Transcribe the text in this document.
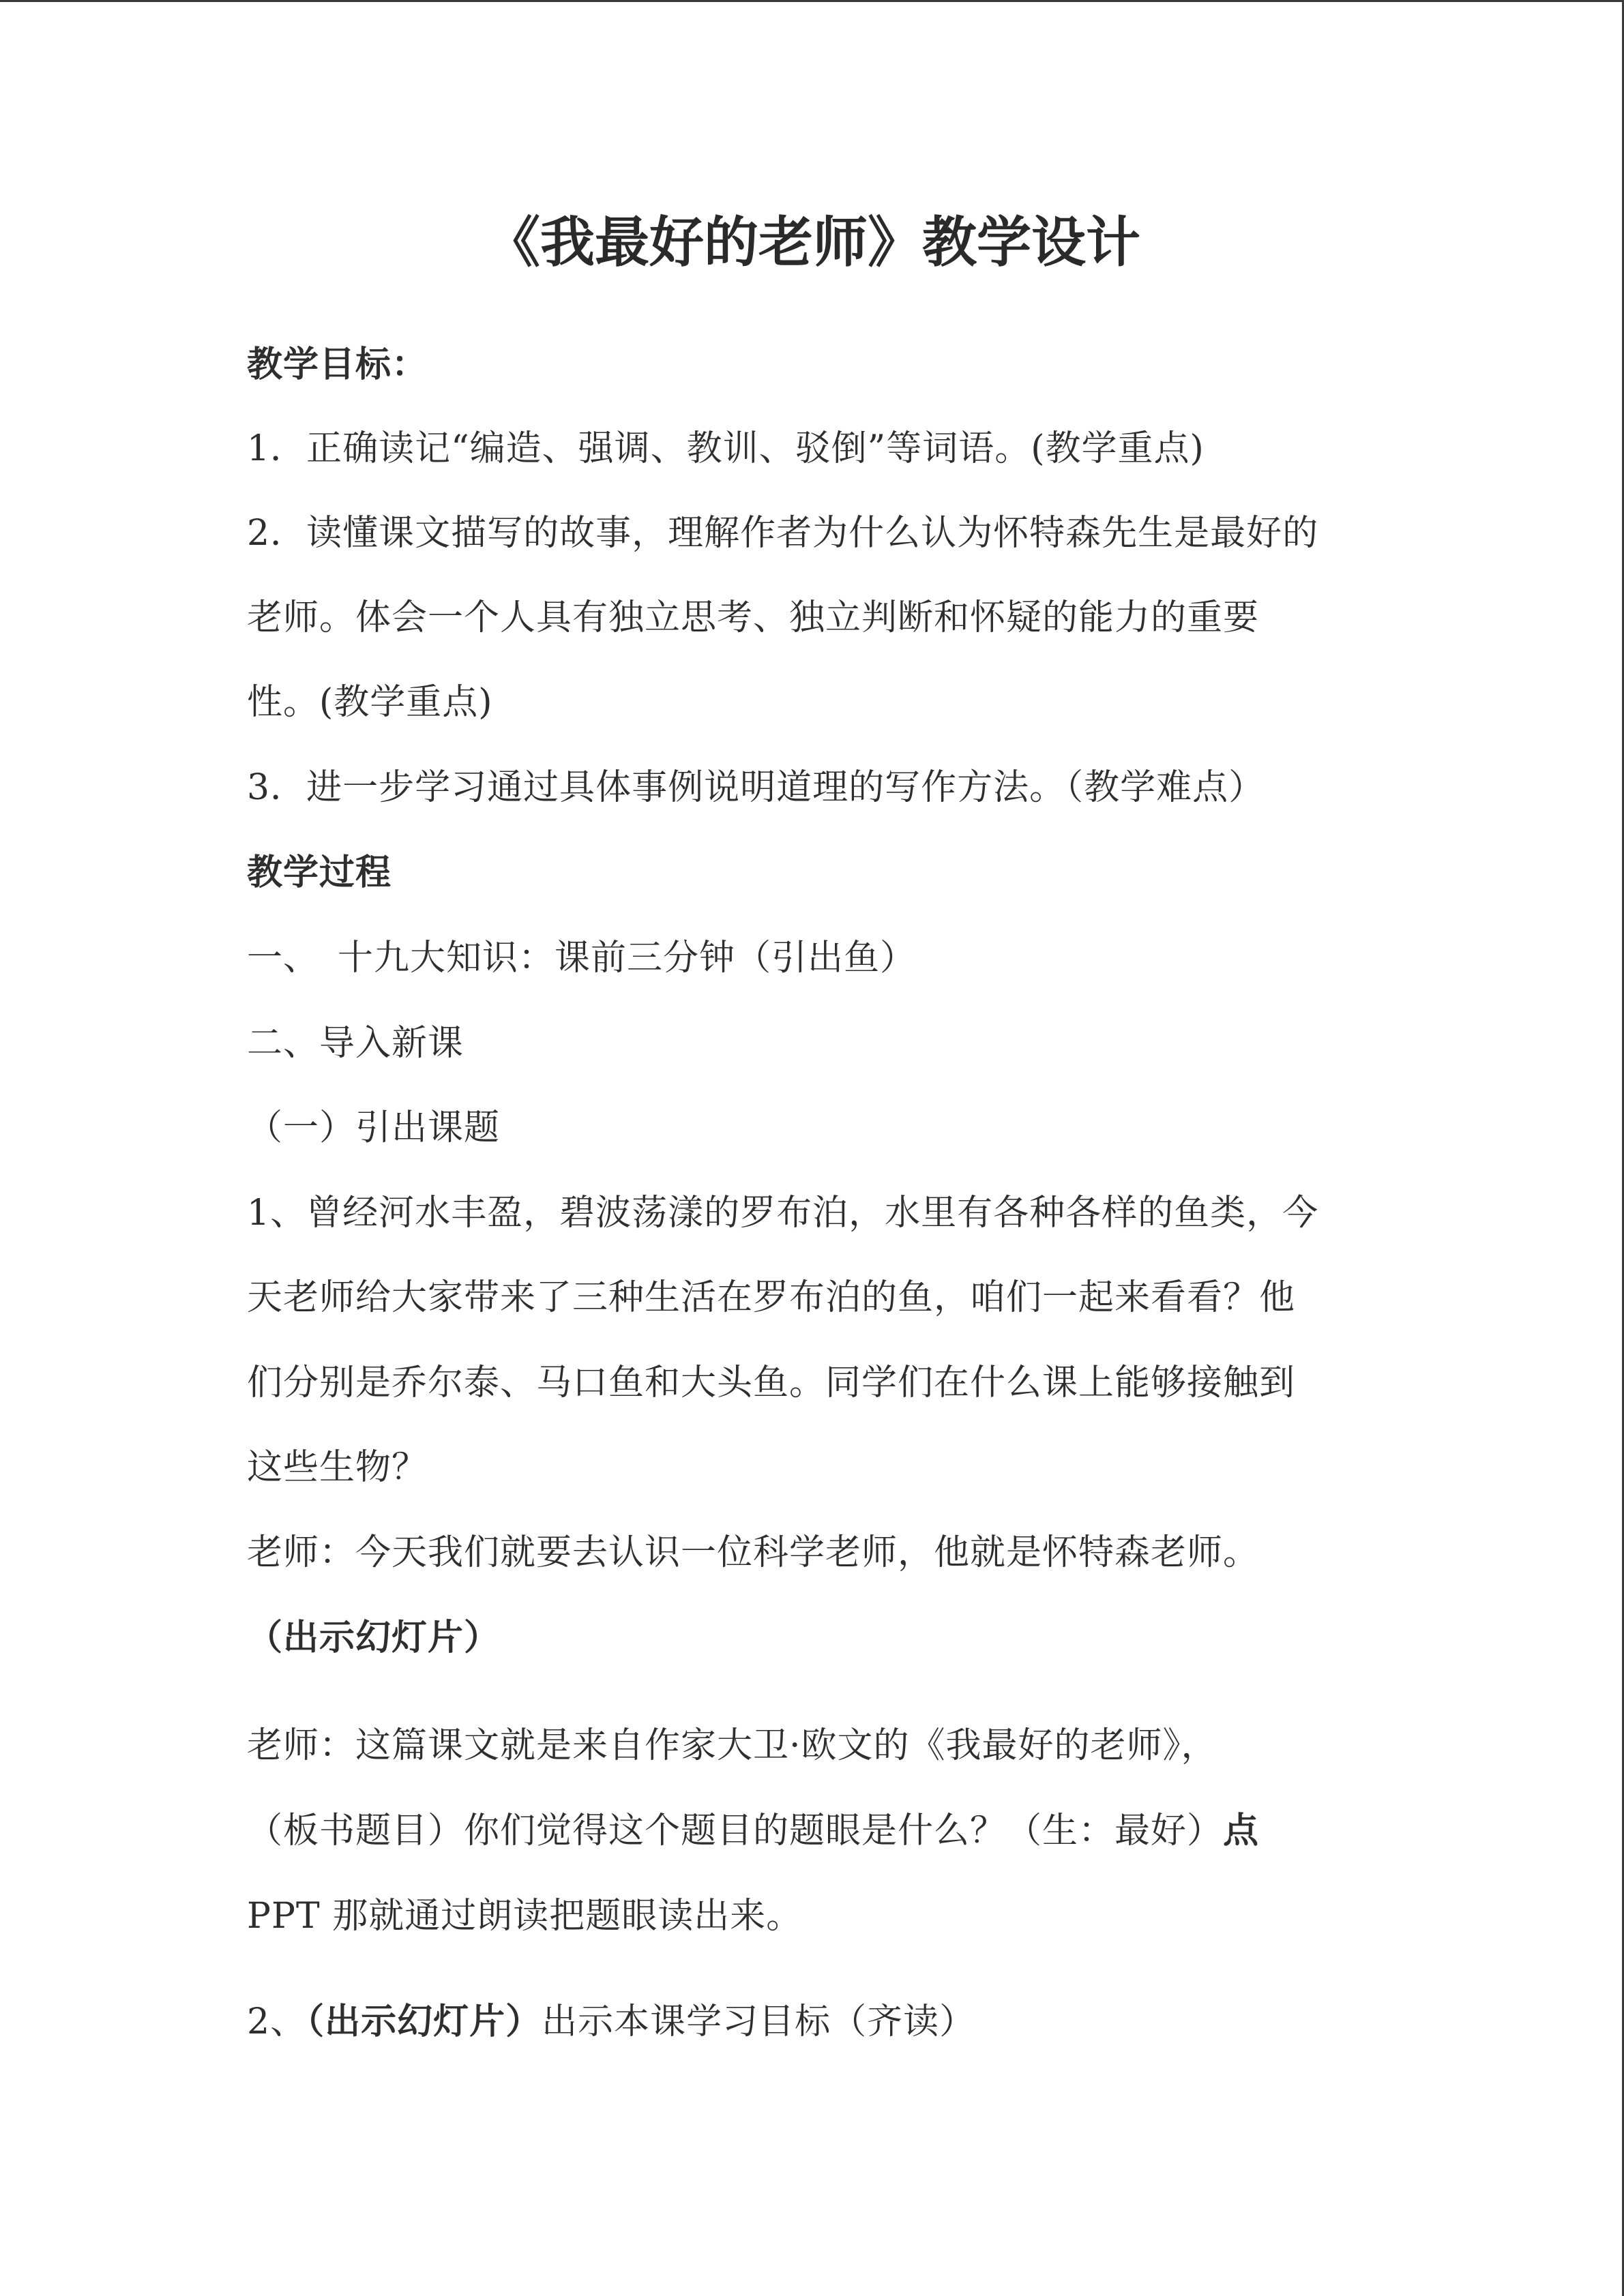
《我最好的老师》教学设计
教学目标：
1．正确读记“编造、强调、教训、驳倒”等词语。(教学重点)
2．读懂课文描写的故事，理解作者为什么认为怀特森先生是最好的
老师。体会一个人具有独立思考、独立判断和怀疑的能力的重要
性。(教学重点)
3．进一步学习通过具体事例说明道理的写作方法。（教学难点）
教学过程
一、　十九大知识：课前三分钟（引出鱼）
二、导入新课
（一）引出课题
1、曾经河水丰盈，碧波荡漾的罗布泊，水里有各种各样的鱼类，今
天老师给大家带来了三种生活在罗布泊的鱼，咱们一起来看看？他
们分别是乔尔泰、马口鱼和大头鱼。同学们在什么课上能够接触到
这些生物？
老师：今天我们就要去认识一位科学老师，他就是怀特森老师。
（出示幻灯片）
老师：这篇课文就是来自作家大卫·欧文的《我最好的老师》，
（板书题目）你们觉得这个题目的题眼是什么？（生：最好）点
PPT 那就通过朗读把题眼读出来。
2、（出示幻灯片）出示本课学习目标（齐读）
